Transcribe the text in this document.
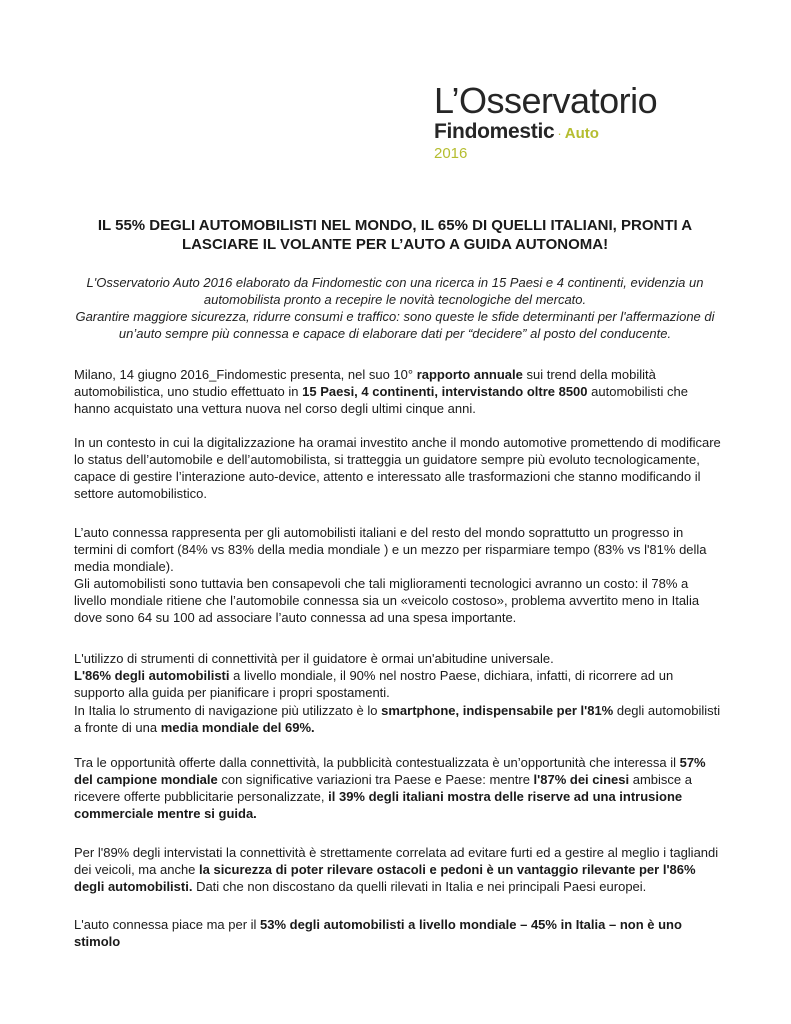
L’Osservatorio
Findomestic · Auto
2016
IL 55% DEGLI AUTOMOBILISTI NEL MONDO, IL 65% DI QUELLI ITALIANI, PRONTI A
LASCIARE IL VOLANTE PER L’AUTO A GUIDA AUTONOMA!
L'Osservatorio Auto 2016 elaborato da Findomestic con una ricerca in 15 Paesi e 4 continenti, evidenzia un automobilista pronto a recepire le novità tecnologiche del mercato.
Garantire maggiore sicurezza, ridurre consumi e traffico: sono queste le sfide determinanti per l'affermazione di un’auto sempre più connessa e capace di elaborare dati per “decidere” al posto del conducente.

Milano, 14 giugno 2016_Findomestic presenta, nel suo 10° rapporto annuale sui trend della mobilità automobilistica, uno studio effettuato in 15 Paesi, 4 continenti, intervistando oltre 8500 automobilisti che hanno acquistato una vettura nuova nel corso degli ultimi cinque anni.

In un contesto in cui la digitalizzazione ha oramai investito anche il mondo automotive promettendo di modificare lo status dell’automobile e dell’automobilista, si tratteggia un guidatore sempre più evoluto tecnologicamente, capace di gestire l’interazione auto-device, attento e interessato alle trasformazioni che stanno modificando il settore automobilistico.

L’auto connessa rappresenta per gli automobilisti italiani e del resto del mondo soprattutto un progresso in termini di comfort (84% vs 83% della media mondiale ) e un mezzo per risparmiare tempo (83% vs l'81% della media mondiale).

Gli automobilisti sono tuttavia ben consapevoli che tali miglioramenti tecnologici avranno un costo: il 78% a livello mondiale ritiene che l’automobile connessa sia un «veicolo costoso», problema avvertito meno in Italia dove sono 64 su 100 ad associare l’auto connessa ad una spesa importante.

L'utilizzo di strumenti di connettività per il guidatore è ormai un'abitudine universale.

L'86% degli automobilisti a livello mondiale, il 90% nel nostro Paese, dichiara, infatti, di ricorrere ad un supporto alla guida per pianificare i propri spostamenti.

In Italia lo strumento di navigazione più utilizzato è lo smartphone, indispensabile per l'81% degli automobilisti a fronte di una media mondiale del 69%.

Tra le opportunità offerte dalla connettività, la pubblicità contestualizzata è un’opportunità che interessa il 57% del campione mondiale con significative variazioni tra Paese e Paese: mentre l'87% dei cinesi ambisce a ricevere offerte pubblicitarie personalizzate, il 39% degli italiani mostra delle riserve ad una intrusione commerciale mentre si guida.

Per l'89% degli intervistati la connettività è strettamente correlata ad evitare furti ed a gestire al meglio i tagliandi dei veicoli, ma anche la sicurezza di poter rilevare ostacoli e pedoni è un vantaggio rilevante per l'86% degli automobilisti. Dati che non discostano da quelli rilevati in Italia e nei principali Paesi europei.

L'auto connessa piace ma per il 53% degli automobilisti a livello mondiale – 45% in Italia – non è uno stimolo
